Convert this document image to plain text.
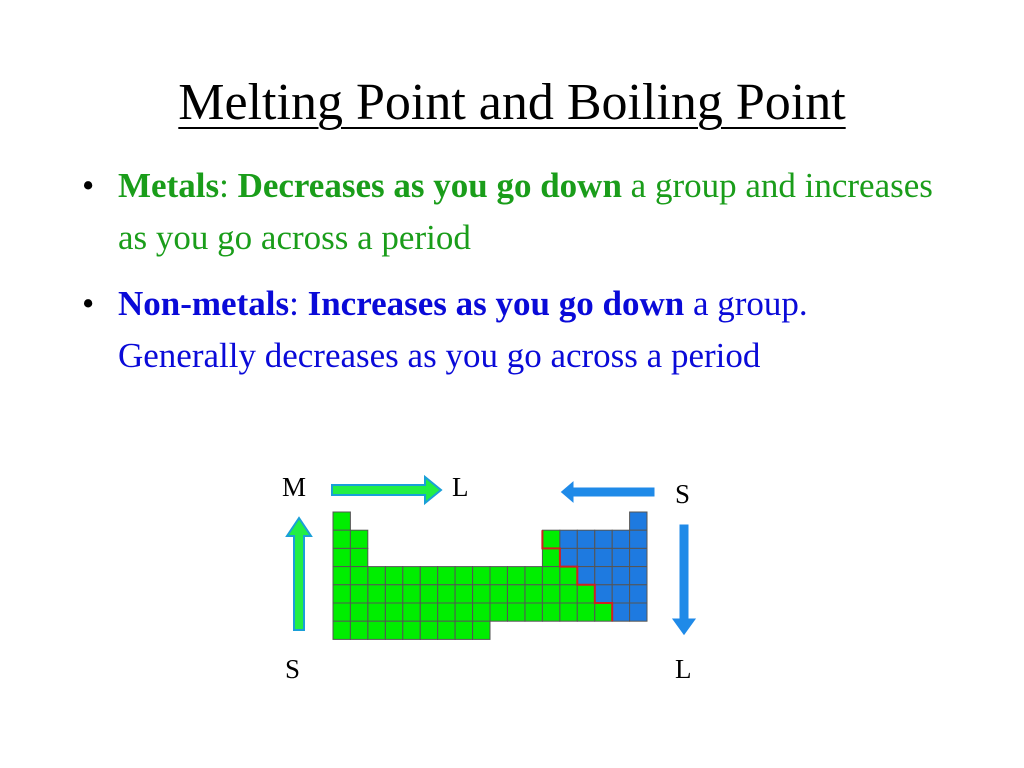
Melting Point and Boiling Point
• Metals: Decreases as you go down a group and increases as you go across a period
• Non-metals: Increases as you go down a group. Generally decreases as you go across a period
M	L	S
S	L
